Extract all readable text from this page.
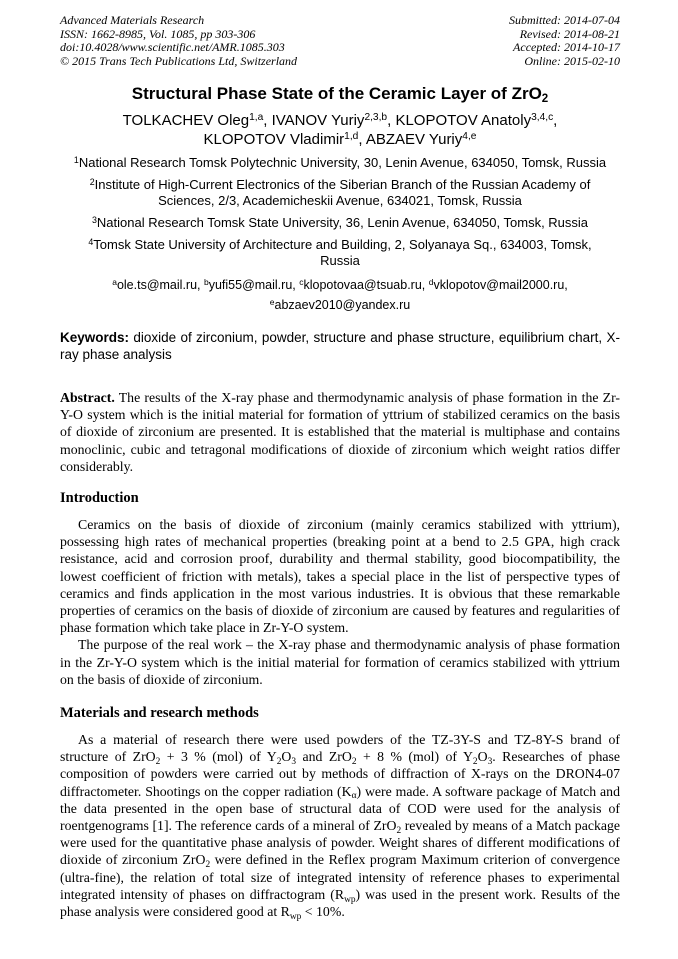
Advanced Materials Research
ISSN: 1662-8985, Vol. 1085, pp 303-306
doi:10.4028/www.scientific.net/AMR.1085.303
© 2015 Trans Tech Publications Ltd, Switzerland
Submitted: 2014-07-04
Revised: 2014-08-21
Accepted: 2014-10-17
Online: 2015-02-10
Structural Phase State of the Ceramic Layer of ZrO$_2$

TOLKACHEV Oleg$^{1,a}$, IVANOV Yuriy$^{2,3,b}$, KLOPOTOV Anatoly$^{3,4,c}$,

KLOPOTOV Vladimir$^{1,d}$, ABZAEV Yuriy$^{4,e}$

$^1$National Research Tomsk Polytechnic University, 30, Lenin Avenue, 634050, Tomsk, Russia

$^2$Institute of High-Current Electronics of the Siberian Branch of the Russian Academy of Sciences, 2/3, Academicheskii Avenue, 634021, Tomsk, Russia

$^3$National Research Tomsk State University, 36, Lenin Avenue, 634050, Tomsk, Russia

$^4$Tomsk State University of Architecture and Building, 2, Solyanaya Sq., 634003, Tomsk, Russia

$^a$ole.ts@mail.ru, $^b$yufi55@mail.ru, $^c$klopotovaa@tsuab.ru, $^d$vklopotov@mail2000.ru,

$^e$abzaev2010@yandex.ru

Keywords: dioxide of zirconium, powder, structure and phase structure, equilibrium chart, X-ray phase analysis

Abstract. The results of the X-ray phase and thermodynamic analysis of phase formation in the Zr-Y-O system which is the initial material for formation of yttrium of stabilized ceramics on the basis of dioxide of zirconium are presented. It is established that the material is multiphase and contains monoclinic, cubic and tetragonal modifications of dioxide of zirconium which weight ratios differ considerably.

Introduction

Ceramics on the basis of dioxide of zirconium (mainly ceramics stabilized with yttrium), possessing high rates of mechanical properties (breaking point at a bend to 2.5 GPA, high crack resistance, acid and corrosion proof, durability and thermal stability, good biocompatibility, the lowest coefficient of friction with metals), takes a special place in the list of perspective types of ceramics and finds application in the most various industries. It is obvious that these remarkable properties of ceramics on the basis of dioxide of zirconium are caused by features and regularities of phase formation which take place in Zr-Y-O system.

The purpose of the real work – the X-ray phase and thermodynamic analysis of phase formation in the Zr-Y-O system which is the initial material for formation of ceramics stabilized with yttrium on the basis of dioxide of zirconium.

Materials and research methods

As a material of research there were used powders of the TZ-3Y-S and TZ-8Y-S brand of structure of ZrO$_2$ + 3 % (mol) of $Y_2O_3$ and ZrO$_2$ + 8 % (mol) of $Y_2O_3$. Researches of phase composition of powders were carried out by methods of diffraction of X-rays on the DRON4-07 diffractometer. Shootings on the copper radiation $(K_\alpha)$ were made. A software package of Match and the data presented in the open base of structural data of COD were used for the analysis of roentgenograms [1]. The reference cards of a mineral of ZrO$_2$ revealed by means of a Match package were used for the quantitative phase analysis of powder. Weight shares of different modifications of dioxide of zirconium ZrO$_2$ were defined in the Reflex program Maximum criterion of convergence (ultra-fine), the relation of total size of integrated intensity of reference phases to experimental integrated intensity of phases on diffractogram $(R_{wp})$ was used in the present work. Results of the phase analysis were considered good at $R_{wp} < 10\%$.
